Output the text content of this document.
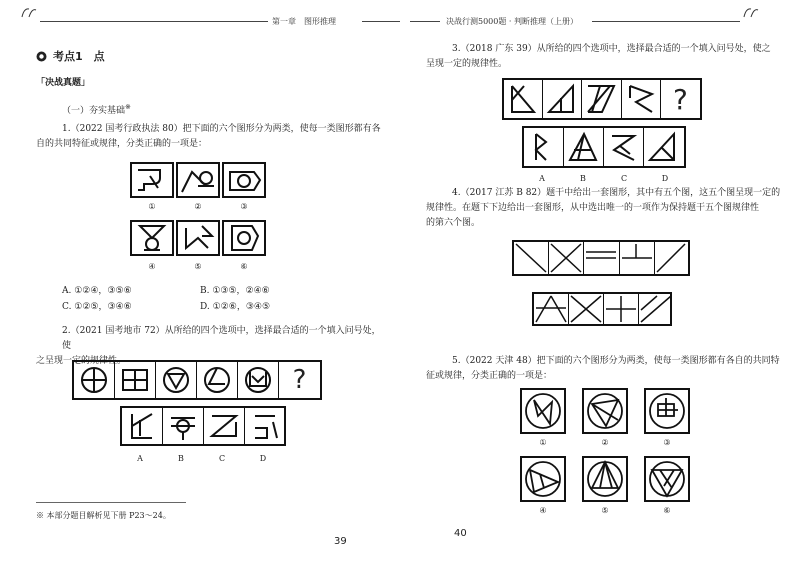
第一章　图形推理	决战行测5000题 · 判断推理（上册）
考点1　点
「决战真题」
（一）夯实基础※
1.（2022 国考行政执法 80）把下面的六个图形分为两类，使每一类图形都有各
自的共同特征或规律，分类正确的一项是：
①	②	③
④	⑤	⑥
A. ①②④，③⑤⑥	B. ①③⑤，②④⑥
C. ①②⑤，③④⑥	D. ①②⑥，③④⑤
2.（2021 国考地市 72）从所给的四个选项中，选择最合适的一个填入问号处，使
之呈现一定的规律性。
?
A	B	C	D
※ 本部分题目解析见下册 P23～24。
39
3.（2018 广东 39）从所给的四个选项中，选择最合适的一个填入问号处，使之
呈现一定的规律性。
?
A	B	C	D
4.（2017 江苏 B 82）题干中给出一套图形，其中有五个图，这五个图呈现一定的
规律性。在题下下边给出一套图形，从中选出唯一的一项作为保持题干五个图规律性
的第六个图。
5.（2022 天津 48）把下面的六个图形分为两类，使每一类图形都有各自的共同特
征或规律，分类正确的一项是：
①	②	③
④	⑤	⑥
40
